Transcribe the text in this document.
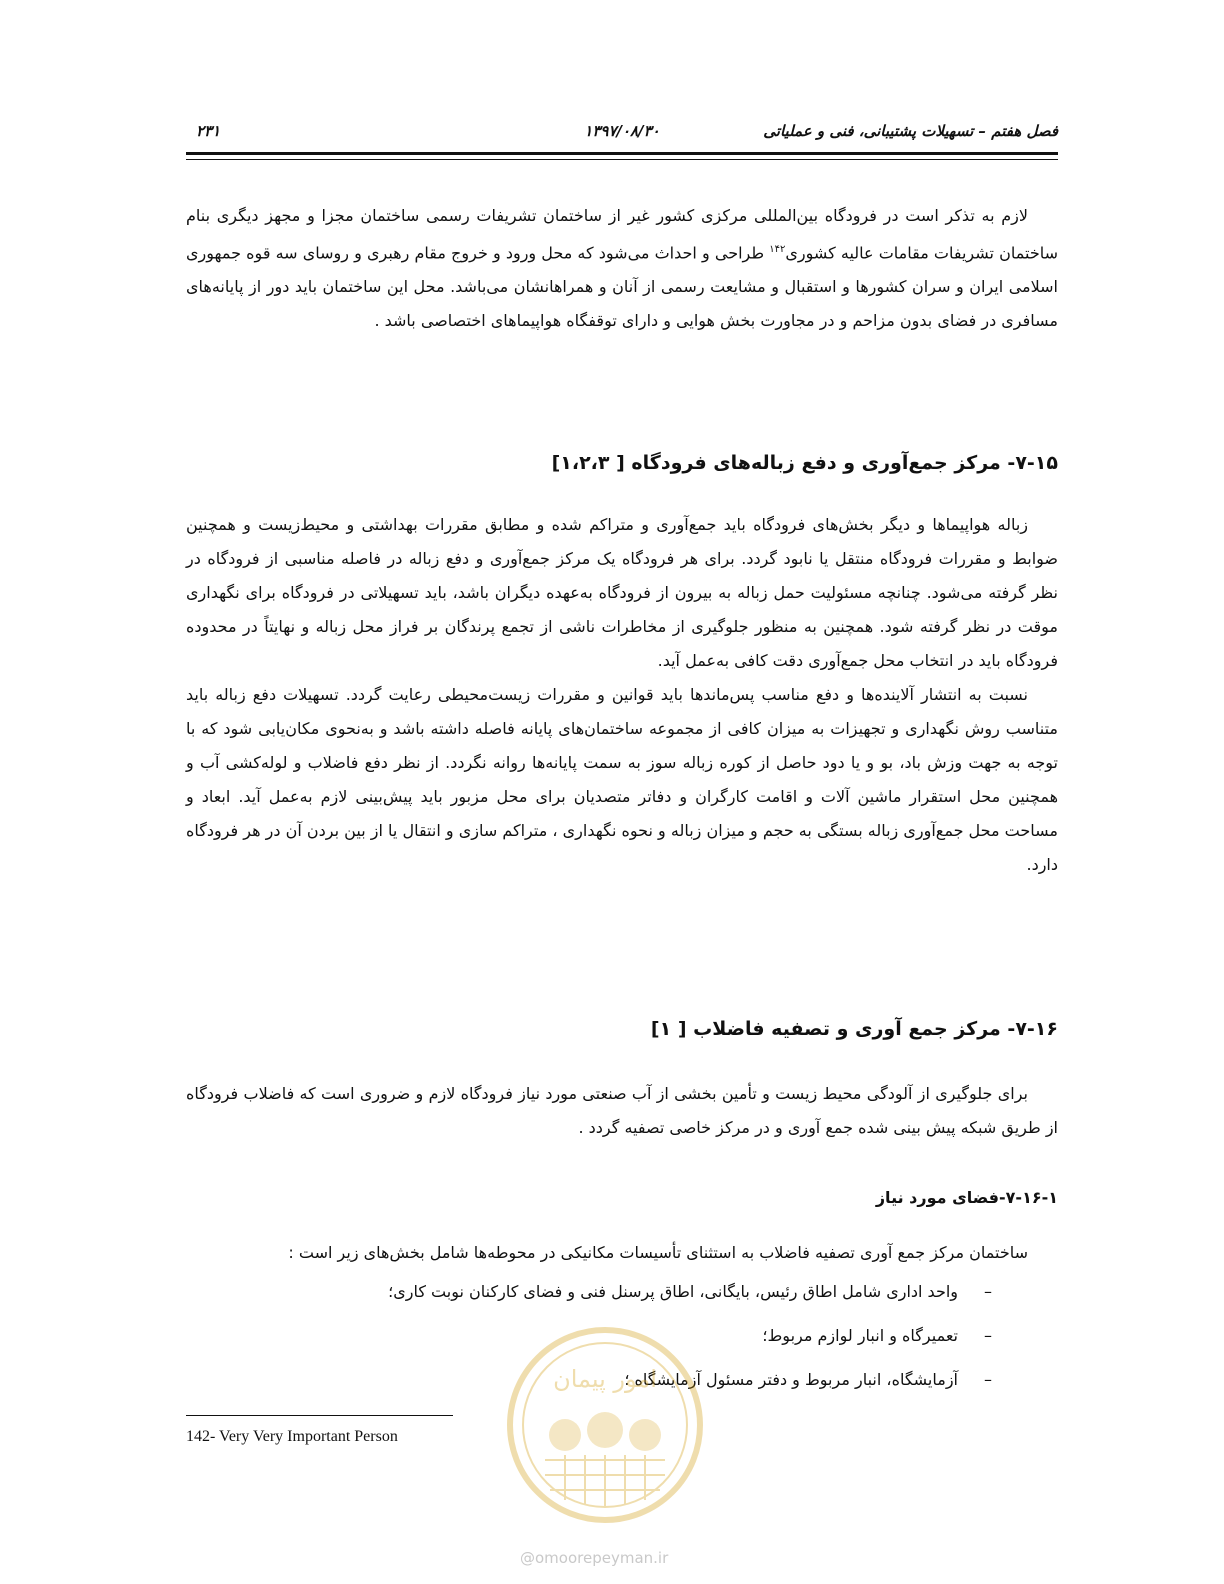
فصل هفتم – تسهیلات پشتیبانی، فنی و عملیاتی
۱۳۹۷/۰۸/۳۰
۲۳۱

لازم به تذکر است در فرودگاه بین‌المللی مرکزی کشور غیر از ساختمان تشریفات رسمی ساختمان مجزا و مجهز دیگری بنام ساختمان تشریفات مقامات عالیه کشوری$^{۱۴۲}$ طراحی و احداث می‌شود که محل ورود و خروج مقام رهبری و روسای سه قوه جمهوری اسلامی ایران و سران کشورها و استقبال و مشایعت رسمی از آنان و همراهانشان می‌باشد. محل این ساختمان باید دور از پایانه‌های مسافری در فضای بدون مزاحم و در مجاورت بخش هوایی و دارای توقفگاه هواپیماهای اختصاصی باشد .

۷-۱۵- مرکز جمع‌آوری و دفع زباله‌های فرودگاه [ ۱،۲،۳]

زباله هواپیماها و دیگر بخش‌های فرودگاه باید جمع‌آوری و متراکم شده و مطابق مقررات بهداشتی و محیط‌زیست و همچنین ضوابط و مقررات فرودگاه منتقل یا نابود گردد. برای هر فرودگاه یک مرکز جمع‌آوری و دفع زباله در فاصله مناسبی از فرودگاه در نظر گرفته می‌شود. چنانچه مسئولیت حمل زباله به بیرون از فرودگاه به‌عهده دیگران باشد، باید تسهیلاتی در فرودگاه برای نگهداری موقت در نظر گرفته شود. همچنین به منظور جلوگیری از مخاطرات ناشی از تجمع پرندگان بر فراز محل زباله و نهایتاً در محدوده فرودگاه باید در انتخاب محل جمع‌آوری دقت کافی به‌عمل آید.

نسبت به انتشار آلاینده‌ها و دفع مناسب پس‌ماندها باید قوانین و مقررات زیست‌محیطی رعایت گردد. تسهیلات دفع زباله باید متناسب روش نگهداری و تجهیزات به میزان کافی از مجموعه ساختمان‌های پایانه فاصله داشته باشد و به‌نحوی مکان‌یابی شود که با توجه به جهت وزش باد، بو و یا دود حاصل از کوره زباله سوز به سمت پایانه‌ها روانه نگردد. از نظر دفع فاضلاب و لوله‌کشی آب و همچنین محل استقرار ماشین آلات و اقامت کارگران و دفاتر متصدیان برای محل مزبور باید پیش‌بینی لازم به‌عمل آید. ابعاد و مساحت محل جمع‌آوری زباله بستگی به حجم و میزان زباله و نحوه نگهداری ، متراکم سازی و انتقال یا از بین بردن آن در هر فرودگاه دارد.

۷-۱۶- مرکز جمع آوری و تصفیه فاضلاب [ ۱]

برای جلوگیری از آلودگی محیط زیست و تأمین بخشی از آب صنعتی مورد نیاز فرودگاه لازم و ضروری است که فاضلاب فرودگاه از طریق شبکه پیش بینی شده جمع آوری و در مرکز خاصی تصفیه گردد .

۷-۱۶-۱-فضای مورد نیاز

ساختمان مرکز جمع آوری تصفیه فاضلاب به استثنای تأسیسات مکانیکی در محوطه‌ها شامل بخش‌های زیر است :

–
واحد اداری شامل اطاق رئیس، بایگانی، اطاق پرسنل فنی و فضای کارکنان نوبت کاری؛
–
تعمیرگاه و انبار لوازم مربوط؛
–
آزمایشگاه، انبار مربوط و دفتر مسئول آزمایشگاه ؛
142- Very Very Important Person
امور پیمان
@omoorepeyman.ir
